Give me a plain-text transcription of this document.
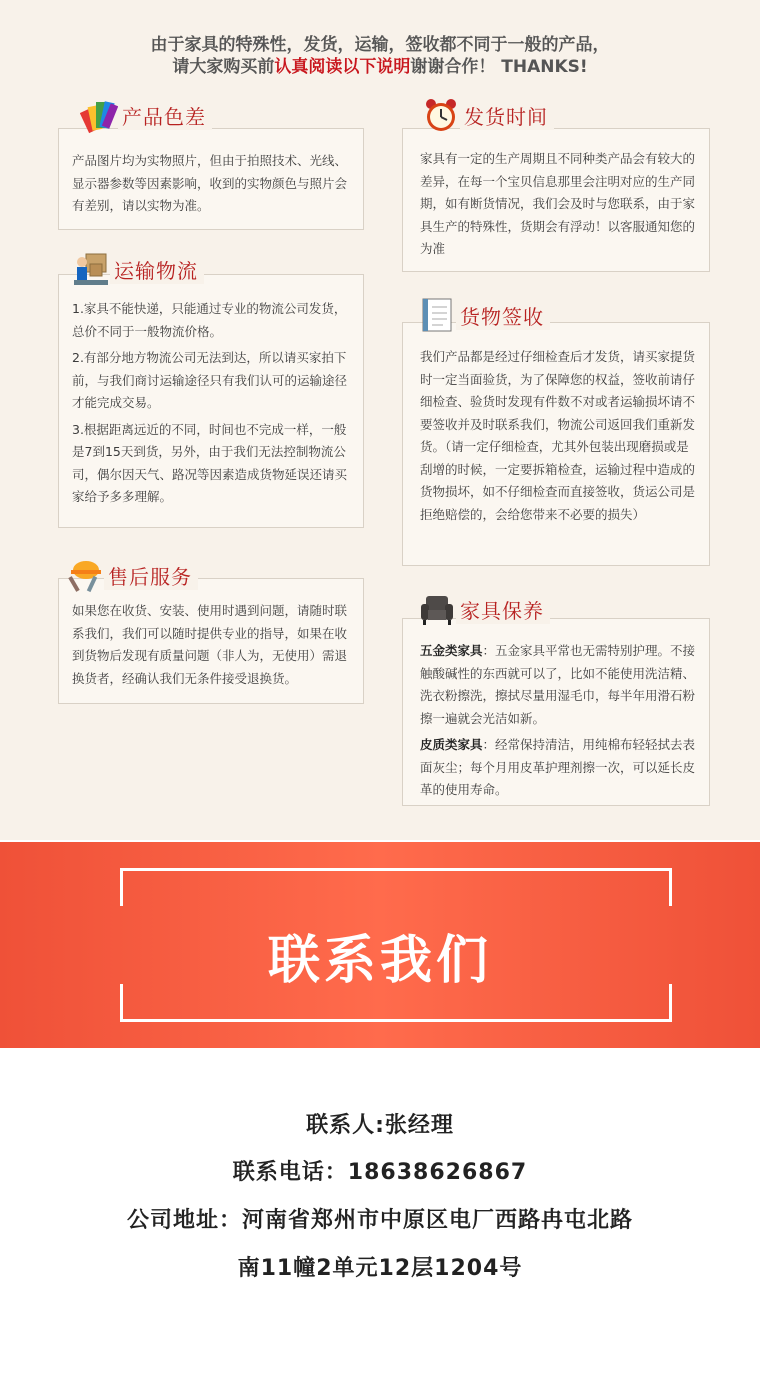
由于家具的特殊性，发货，运输，签收都不同于一般的产品，
请大家购买前认真阅读以下说明谢谢合作！ THANKS!
产品色差
产品图片均为实物照片，但由于拍照技术、光线、显示器参数等因素影响，收到的实物颜色与照片会有差别，请以实物为准。
发货时间
家具有一定的生产周期且不同种类产品会有较大的差异，在每一个宝贝信息那里会注明对应的生产同期，如有断货情况，我们会及时与您联系，由于家具生产的特殊性，货期会有浮动！以客服通知您的为准
运输物流

1.家具不能快递，只能通过专业的物流公司发货，总价不同于一般物流价格。

2.有部分地方物流公司无法到达，所以请买家拍下前，与我们商讨运输途径只有我们认可的运输途径才能完成交易。

3.根据距离远近的不同，时间也不完成一样，一般是7到15天到货，另外，由于我们无法控制物流公司，偶尔因天气、路况等因素造成货物延误还请买家给予多多理解。

货物签收
我们产品都是经过仔细检查后才发货，请买家提货时一定当面验货，为了保障您的权益，签收前请仔细检查、验货时发现有件数不对或者运输损坏请不要签收并及时联系我们，物流公司返回我们重新发货。（请一定仔细检查，尤其外包装出现磨损或是刮增的时候，一定要拆箱检查，运输过程中造成的货物损坏，如不仔细检查而直接签收，货运公司是拒绝赔偿的，会给您带来不必要的损失）
售后服务
如果您在收货、安装、使用时遇到问题，请随时联系我们，我们可以随时提供专业的指导，如果在收到货物后发现有质量问题（非人为，无使用）需退换货者，经确认我们无条件接受退换货。
家具保养

五金类家具：五金家具平常也无需特别护理。不接触酸碱性的东西就可以了，比如不能使用洗洁精、洗衣粉擦洗，擦拭尽量用湿毛巾，每半年用滑石粉擦一遍就会光洁如新。

皮质类家具：经常保持清洁，用纯棉布轻轻拭去表面灰尘；每个月用皮革护理剂擦一次，可以延长皮革的使用寿命。

联系我们
联系人:张经理
联系电话：18638626867
公司地址：河南省郑州市中原区电厂西路冉屯北路
南11幢2单元12层1204号
